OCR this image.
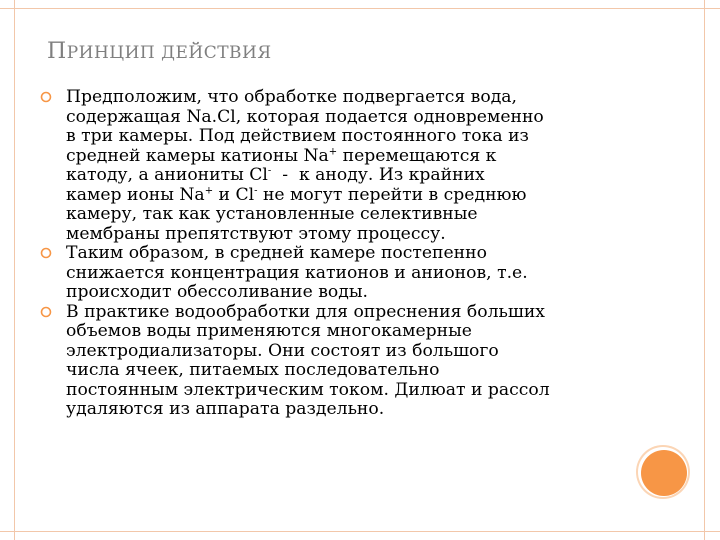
ПРИНЦИП ДЕЙСТВИЯ
Предположим, что обработке подвергается вода,
содержащая Na.Cl, которая подается одновременно
в три камеры. Под действием постоянного тока из
средней камеры катионы Na+ перемещаются к
катоду, а аниониты Cl-  -  к аноду. Из крайних
камер ионы Na+ и Cl- не могут перейти в среднюю
камеру, так как установленные селективные
мембраны препятствуют этому процессу.
Таким образом, в средней камере постепенно
снижается концентрация катионов и анионов, т.е.
происходит обессоливание воды.
В практике водообработки для опреснения больших
объемов воды применяются многокамерные
электродиализаторы. Они состоят из большого
числа ячеек, питаемых последовательно
постоянным электрическим током. Дилюат и рассол
удаляются из аппарата раздельно.
